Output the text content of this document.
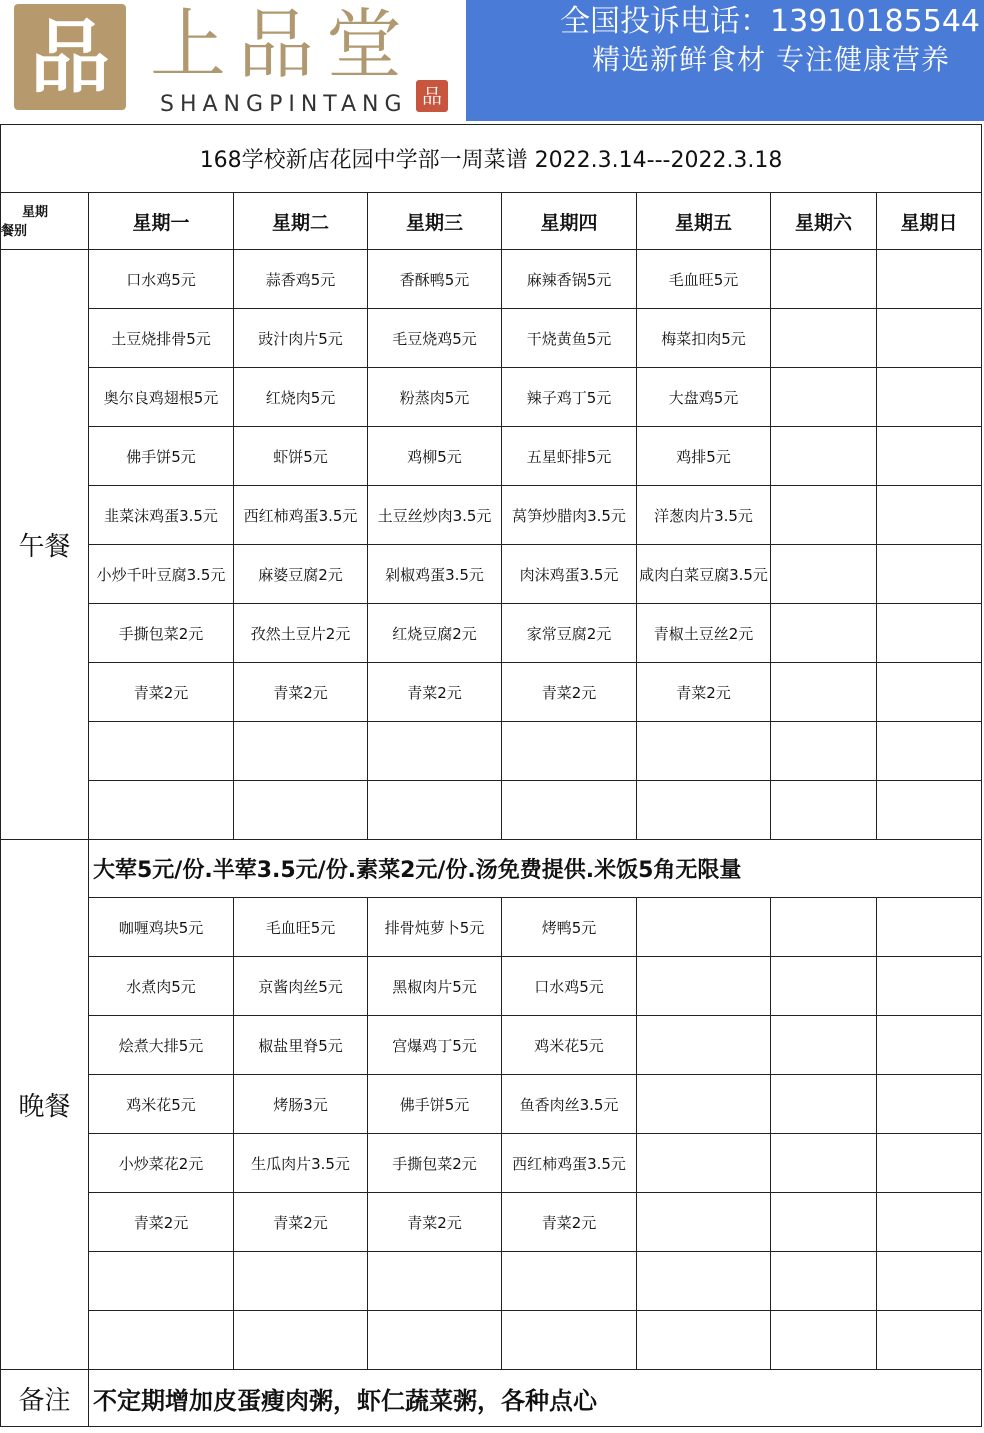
品 上品堂
SHANGPINTANG 品
全国投诉电话：13910185544
精选新鲜食材 专注健康营养
168学校新店花园中学部一周菜谱 2022.3.14---2022.3.18							

星期
餐别	星期一	星期二	星期三	星期四	星期五	星期六	星期日
午餐	口水鸡5元	蒜香鸡5元	香酥鸭5元	麻辣香锅5元	毛血旺5元		
	土豆烧排骨5元	豉汁肉片5元	毛豆烧鸡5元	干烧黄鱼5元	梅菜扣肉5元		
	奥尔良鸡翅根5元	红烧肉5元	粉蒸肉5元	辣子鸡丁5元	大盘鸡5元		
	佛手饼5元	虾饼5元	鸡柳5元	五星虾排5元	鸡排5元		
	韭菜沫鸡蛋3.5元	西红柿鸡蛋3.5元	土豆丝炒肉3.5元	莴笋炒腊肉3.5元	洋葱肉片3.5元		
	小炒千叶豆腐3.5元	麻婆豆腐2元	剁椒鸡蛋3.5元	肉沫鸡蛋3.5元	咸肉白菜豆腐3.5元		
	手撕包菜2元	孜然土豆片2元	红烧豆腐2元	家常豆腐2元	青椒土豆丝2元		
	青菜2元	青菜2元	青菜2元	青菜2元	青菜2元		

晚餐	大荤5元/份.半荤3.5元/份.素菜2元/份.汤免费提供.米饭5角无限量						
	咖喱鸡块5元	毛血旺5元	排骨炖萝卜5元	烤鸭5元			
	水煮肉5元	京酱肉丝5元	黑椒肉片5元	口水鸡5元			
	烩煮大排5元	椒盐里脊5元	宫爆鸡丁5元	鸡米花5元			
	鸡米花5元	烤肠3元	佛手饼5元	鱼香肉丝3.5元			
	小炒菜花2元	生瓜肉片3.5元	手撕包菜2元	西红柿鸡蛋3.5元			
	青菜2元	青菜2元	青菜2元	青菜2元			

备注	不定期增加皮蛋瘦肉粥，虾仁蔬菜粥，各种点心						
